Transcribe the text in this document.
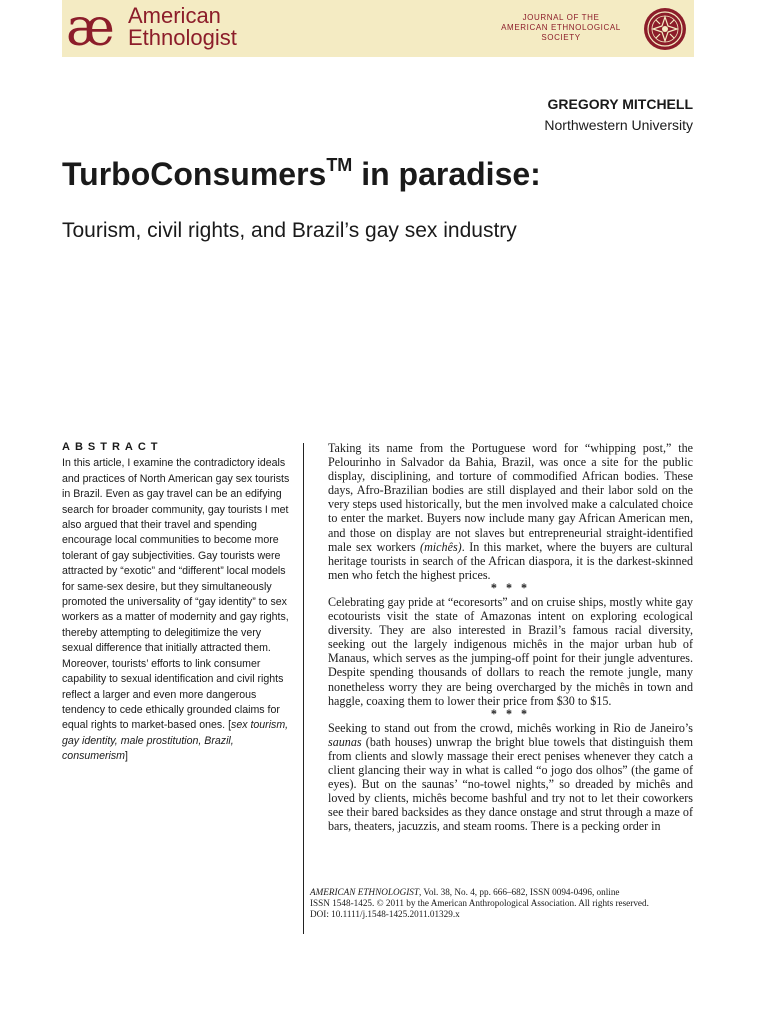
æ American
Ethnologist
JOURNAL OF THE
AMERICAN ETHNOLOGICAL
SOCIETY
GREGORY MITCHELL
Northwestern University
TurboConsumers™ in paradise:
Tourism, civil rights, and Brazil’s gay sex industry
ABSTRACT
In this article, I examine the contradictory ideals and practices of North American gay sex tourists in Brazil. Even as gay travel can be an edifying search for broader community, gay tourists I met also argued that their travel and spending encourage local communities to become more tolerant of gay subjectivities. Gay tourists were attracted by “exotic” and “different” local models for same-sex desire, but they simultaneously promoted the universality of “gay identity” to sex workers as a matter of modernity and gay rights, thereby attempting to delegitimize the very sexual difference that initially attracted them. Moreover, tourists’ efforts to link consumer capability to sexual identification and civil rights reflect a larger and even more dangerous tendency to cede ethically grounded claims for equal rights to market-based ones. [sex tourism, gay identity, male prostitution, Brazil, consumerism]

Taking its name from the Portuguese word for “whipping post,” the Pelourinho in Salvador da Bahia, Brazil, was once a site for the public display, disciplining, and torture of commodified African bodies. These days, Afro-Brazilian bodies are still displayed and their labor sold on the very steps used historically, but the men involved make a calculated choice to enter the market. Buyers now include many gay African American men, and those on display are not slaves but entrepreneurial straight-identified male sex workers (michês). In this market, where the buyers are cultural heritage tourists in search of the African diaspora, it is the darkest-skinned men who fetch the highest prices.

* * *

Celebrating gay pride at “ecoresorts” and on cruise ships, mostly white gay ecotourists visit the state of Amazonas intent on exploring ecological diversity. They are also interested in Brazil’s famous racial diversity, seeking out the largely indigenous michês in the major urban hub of Manaus, which serves as the jumping-off point for their jungle adventures. Despite spending thousands of dollars to reach the remote jungle, many nonetheless worry they are being overcharged by the michês in town and haggle, coaxing them to lower their price from $30 to $15.

* * *

Seeking to stand out from the crowd, michês working in Rio de Janeiro’s saunas (bath houses) unwrap the bright blue towels that distinguish them from clients and slowly massage their erect penises whenever they catch a client glancing their way in what is called “o jogo dos olhos” (the game of eyes). But on the saunas’ “no-towel nights,” so dreaded by michês and loved by clients, michês become bashful and try not to let their coworkers see their bared backsides as they dance onstage and strut through a maze of bars, theaters, jacuzzis, and steam rooms. There is a pecking order in

AMERICAN ETHNOLOGIST, Vol. 38, No. 4, pp. 666–682, ISSN 0094-0496, online
ISSN 1548-1425. © 2011 by the American Anthropological Association. All rights reserved.
DOI: 10.1111/j.1548-1425.2011.01329.x
